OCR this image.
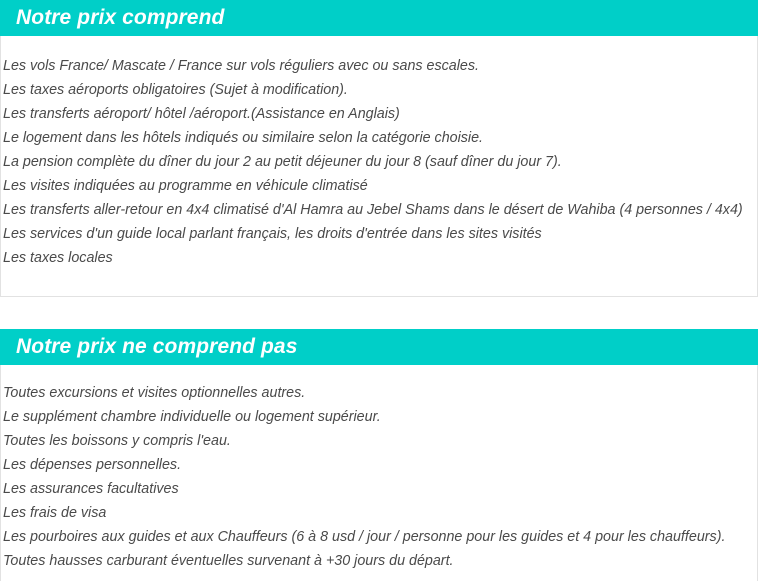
Notre prix comprend
Les vols France/ Mascate / France sur vols réguliers avec ou sans escales.
Les taxes aéroports obligatoires (Sujet à modification).
Les transferts aéroport/ hôtel /aéroport.(Assistance en Anglais)
Le logement dans les hôtels indiqués ou similaire selon la catégorie choisie.
La pension complète du dîner du jour 2 au petit déjeuner du jour 8 (sauf dîner du jour 7).
Les visites indiquées au programme en véhicule climatisé
Les transferts aller-retour en 4x4 climatisé d'Al Hamra au Jebel Shams dans le désert de Wahiba (4 personnes / 4x4)
Les services d'un guide local parlant français, les droits d'entrée dans les sites visités
Les taxes locales
Notre prix ne comprend pas
Toutes excursions et visites optionnelles autres.
Le supplément chambre individuelle ou logement supérieur.
Toutes les boissons y compris l'eau.
Les dépenses personnelles.
Les assurances facultatives
Les frais de visa
Les pourboires aux guides et aux Chauffeurs (6 à 8 usd / jour / personne pour les guides et 4 pour les chauffeurs).
Toutes hausses carburant éventuelles survenant à +30 jours du départ.
